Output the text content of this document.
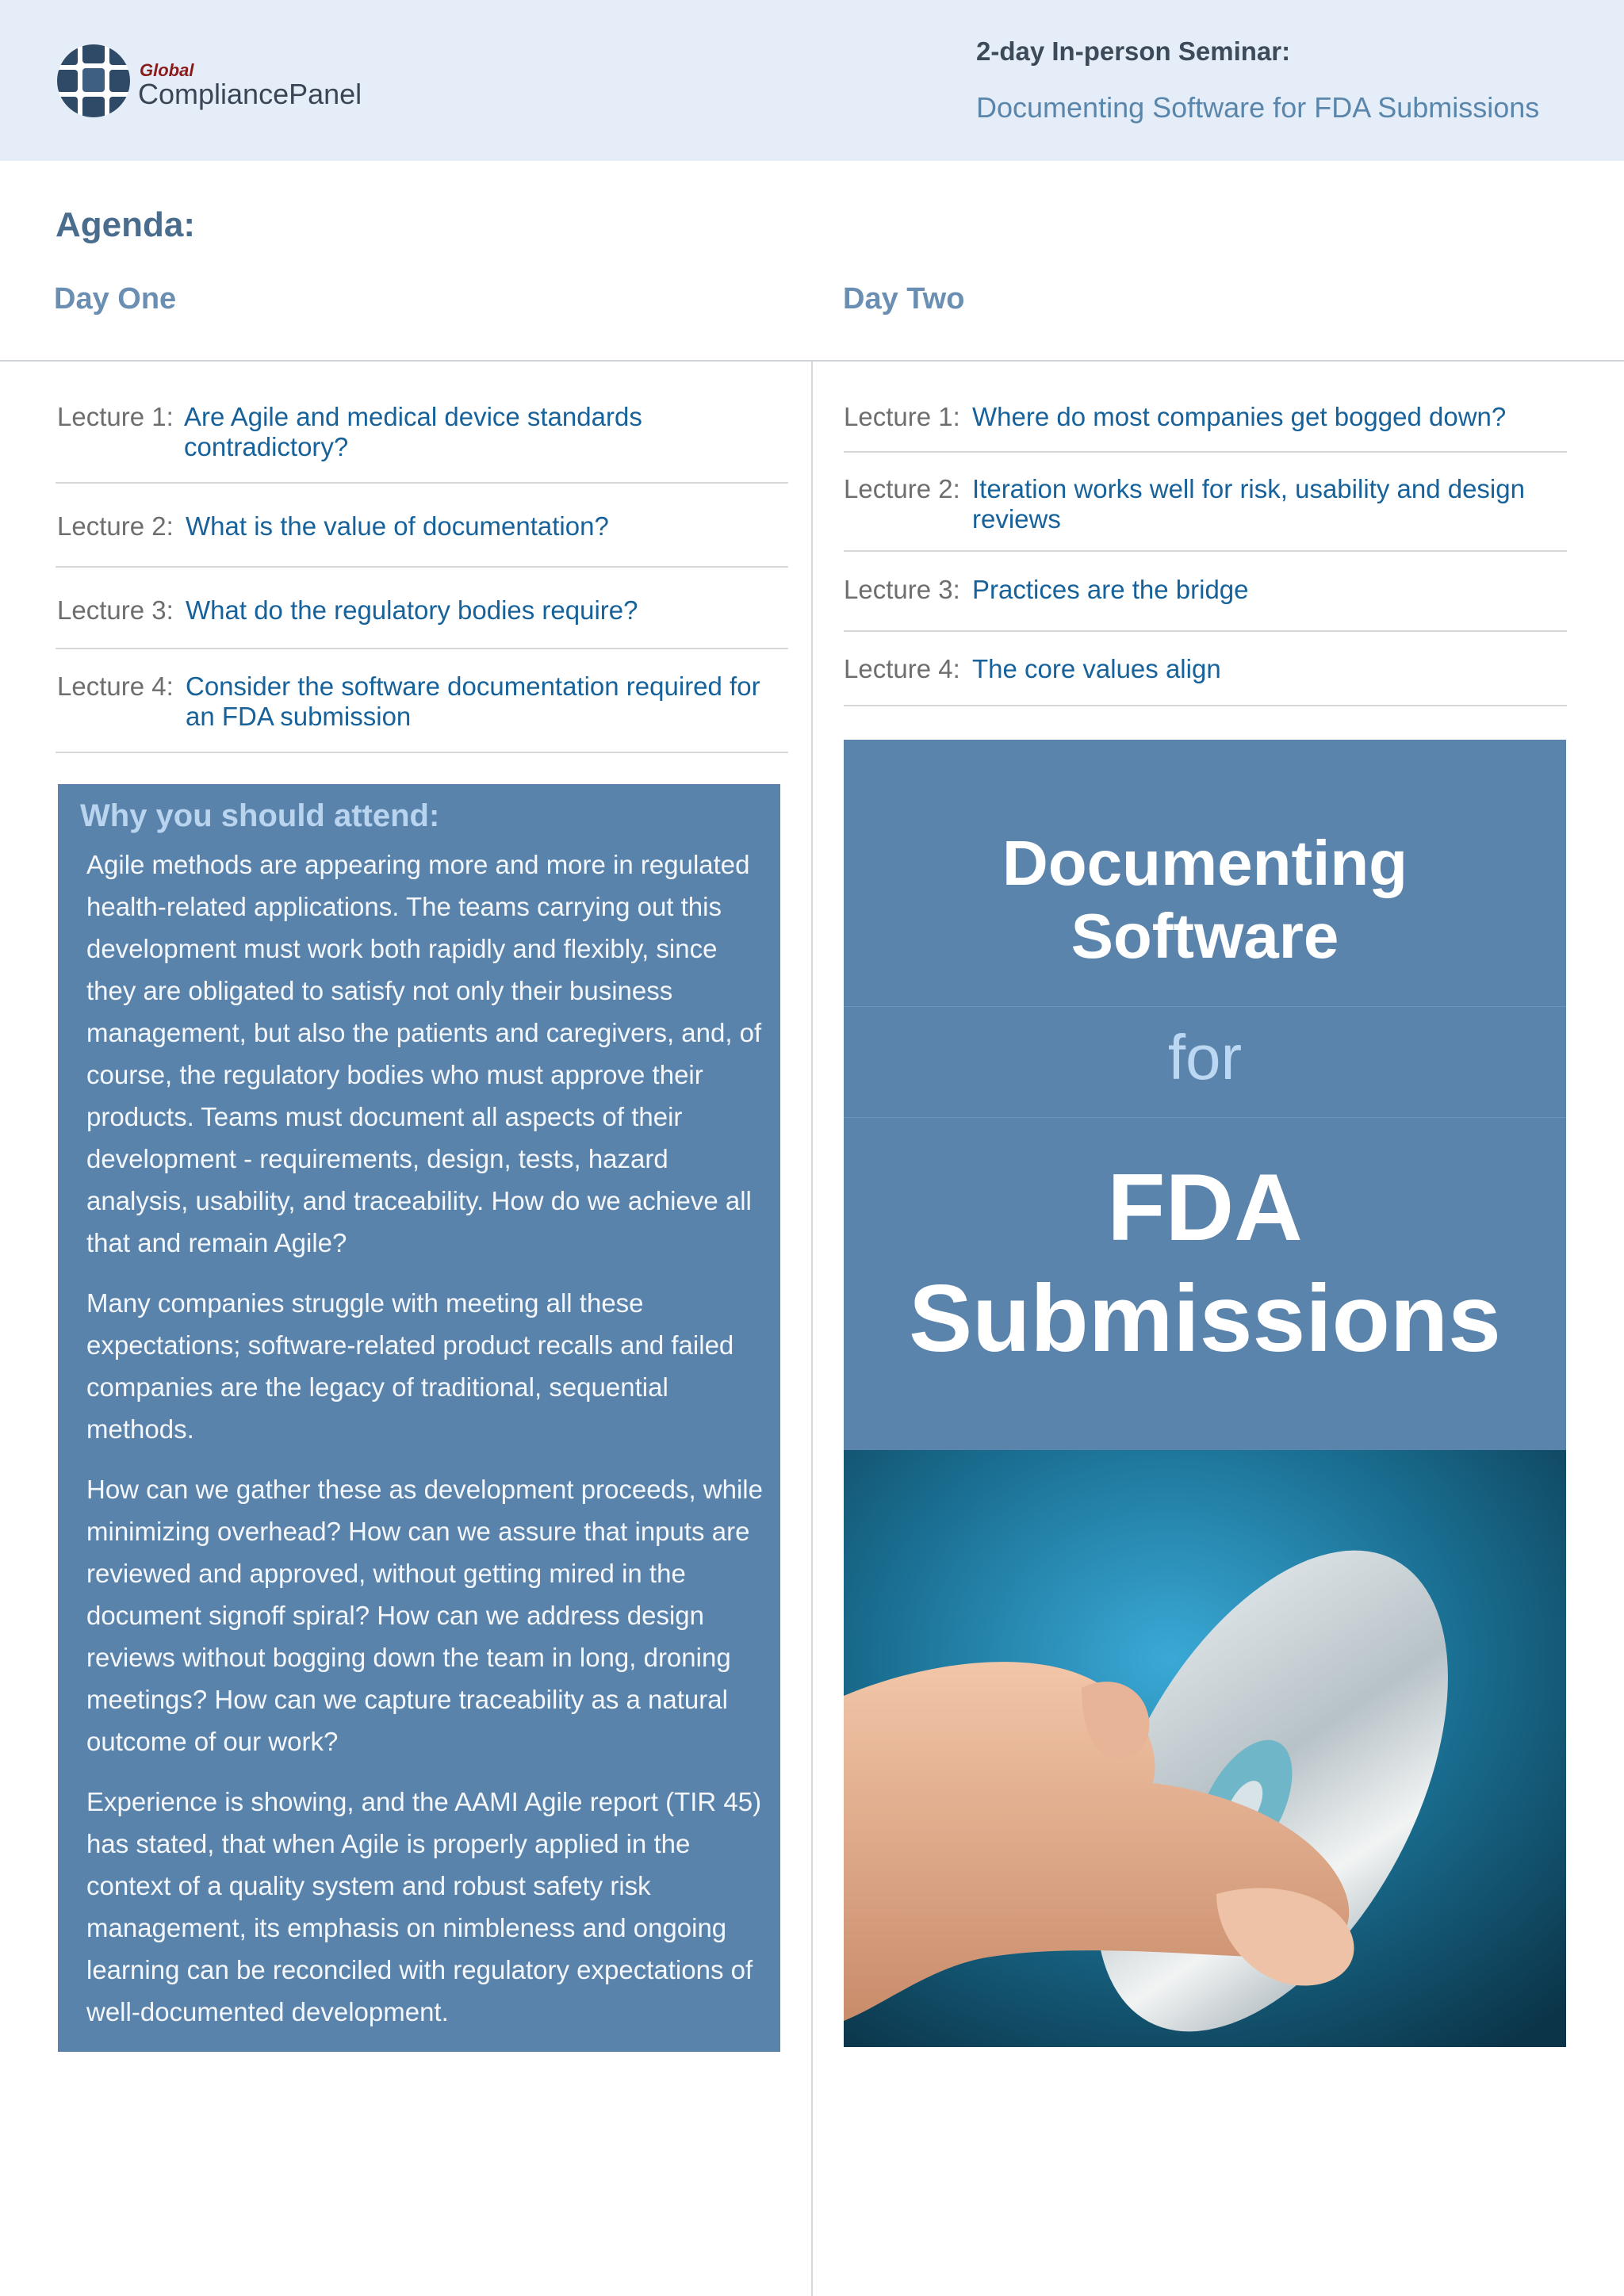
Global
CompliancePanel
2-day In-person Seminar:
Documenting Software for FDA Submissions
Agenda:
Day One	Day Two
Lecture 1: Are Agile and medical device standards contradictory?
Lecture 2: What is the value of documentation?
Lecture 3: What do the regulatory bodies require?
Lecture 4: Consider the software documentation required for an FDA submission
Lecture 1: Where do most companies get bogged down?
Lecture 2: Iteration works well for risk, usability and design reviews
Lecture 3: Practices are the bridge
Lecture 4: The core values align
Why you should attend:

Agile methods are appearing more and more in regulated health-related applications. The teams carrying out this development must work both rapidly and flexibly, since they are obligated to satisfy not only their business management, but also the patients and caregivers, and, of course, the regulatory bodies who must approve their products. Teams must document all aspects of their development - requirements, design, tests, hazard analysis, usability, and traceability. How do we achieve all that and remain Agile?

Many companies struggle with meeting all these expectations; software-related product recalls and failed companies are the legacy of traditional, sequential methods.

How can we gather these as development proceeds, while minimizing overhead? How can we assure that inputs are reviewed and approved, without getting mired in the document signoff spiral? How can we address design reviews without bogging down the team in long, droning meetings? How can we capture traceability as a natural outcome of our work?

Experience is showing, and the AAMI Agile report (TIR 45) has stated, that when Agile is properly applied in the context of a quality system and robust safety risk management, its emphasis on nimbleness and ongoing learning can be reconciled with regulatory expectations of well-documented development.

Documenting
Software
for
FDA
Submissions
